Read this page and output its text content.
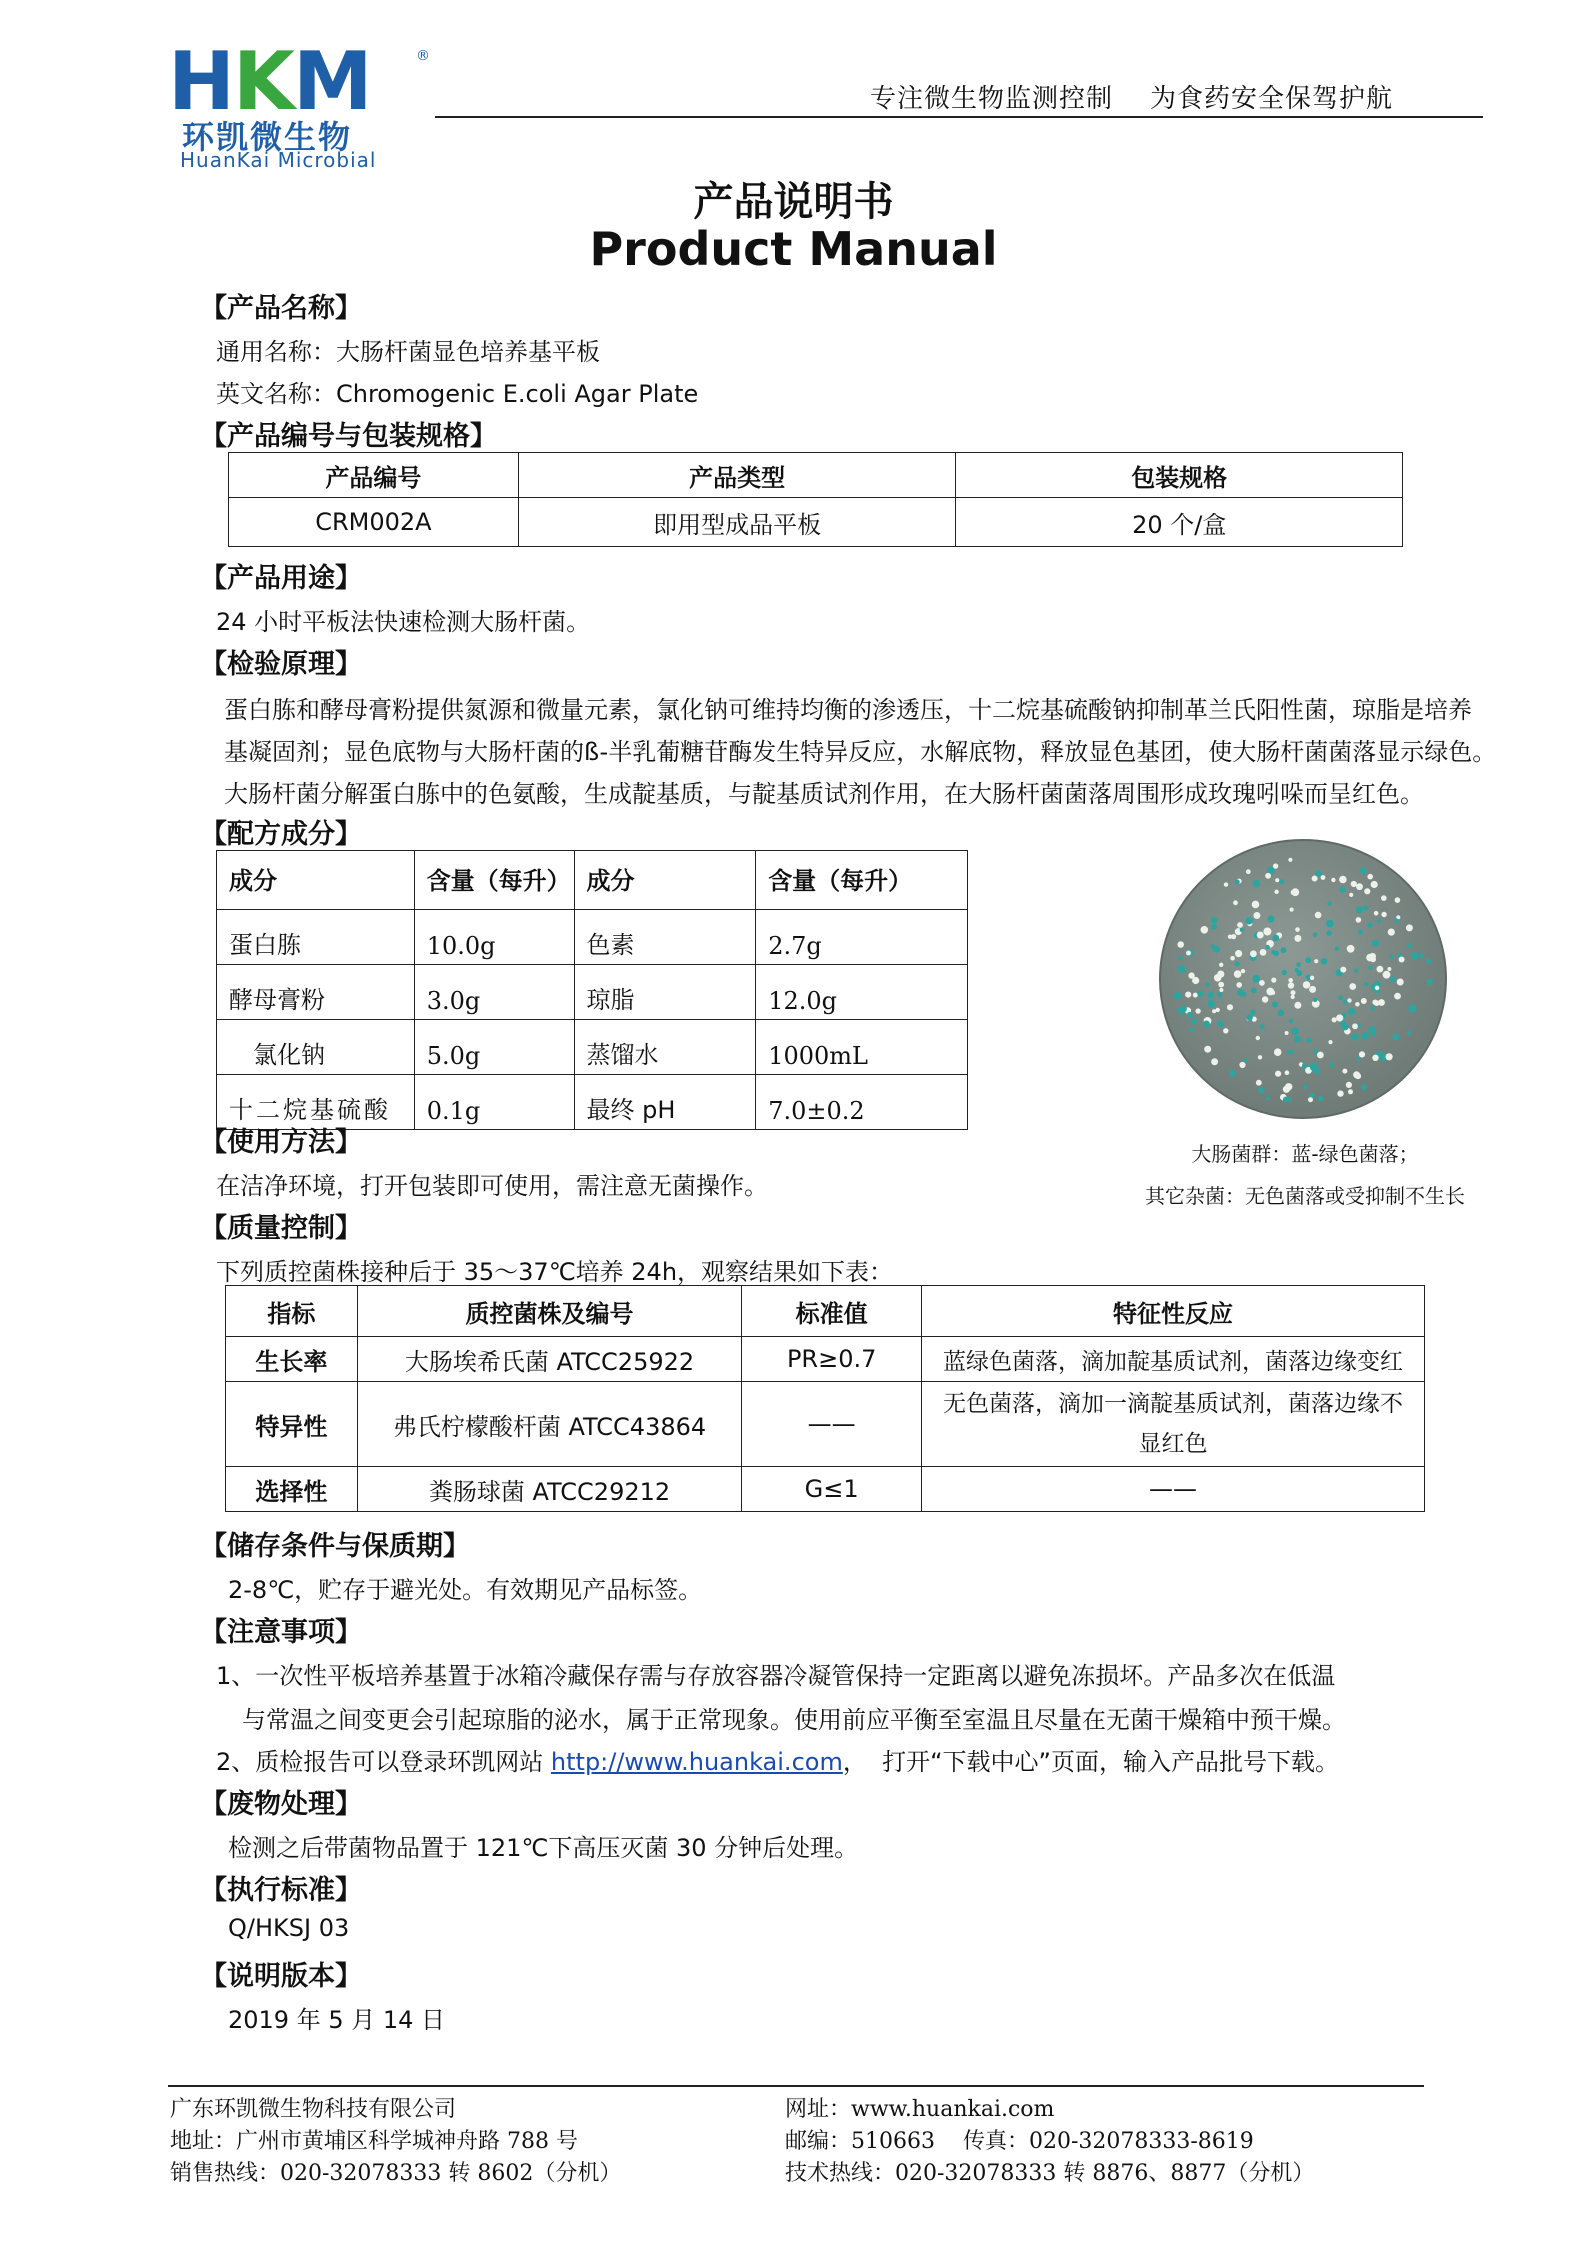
HKM	®
环凯微生物
HuanKai Microbial
专注微生物监测控制    为食药安全保驾护航
产品说明书
Product Manual
【产品名称】
通用名称：大肠杆菌显色培养基平板
英文名称：Chromogenic E.coli Agar Plate
【产品编号与包装规格】
产品编号	产品类型	包装规格
CRM002A	即用型成品平板	20 个/盒
【产品用途】
24 小时平板法快速检测大肠杆菌。
【检验原理】
蛋白胨和酵母膏粉提供氮源和微量元素，氯化钠可维持均衡的渗透压，十二烷基硫酸钠抑制革兰氏阳性菌，琼脂是培养
基凝固剂；显色底物与大肠杆菌的ß-半乳葡糖苷酶发生特异反应，水解底物，释放显色基团，使大肠杆菌菌落显示绿色。
大肠杆菌分解蛋白胨中的色氨酸，生成靛基质，与靛基质试剂作用，在大肠杆菌菌落周围形成玫瑰吲哚而呈红色。
【配方成分】
成分	含量（每升）	成分	含量（每升）
蛋白胨	10.0g	色素	2.7g
酵母膏粉	3.0g	琼脂	12.0g
氯化钠	5.0g	蒸馏水	1000mL
十二烷基硫酸	0.1g	最终 pH	7.0±0.2
大肠菌群：蓝-绿色菌落；
其它杂菌：无色菌落或受抑制不生长
【使用方法】
在洁净环境，打开包装即可使用，需注意无菌操作。
【质量控制】
下列质控菌株接种后于 35～37℃培养 24h，观察结果如下表：
指标	质控菌株及编号	标准值	特征性反应
生长率	大肠埃希氏菌 ATCC25922	PR≥0.7	蓝绿色菌落，滴加靛基质试剂，菌落边缘变红
特异性	弗氏柠檬酸杆菌 ATCC43864	——	无色菌落，滴加一滴靛基质试剂，菌落边缘不显红色
选择性	粪肠球菌 ATCC29212	G≤1	——
【储存条件与保质期】
2-8℃，贮存于避光处。有效期见产品标签。
【注意事项】
1、一次性平板培养基置于冰箱冷藏保存需与存放容器冷凝管保持一定距离以避免冻损坏。产品多次在低温
与常温之间变更会引起琼脂的泌水，属于正常现象。使用前应平衡至室温且尽量在无菌干燥箱中预干燥。
2、质检报告可以登录环凯网站 http://www.huankai.com，  打开“下载中心”页面，输入产品批号下载。
【废物处理】
检测之后带菌物品置于 121℃下高压灭菌 30 分钟后处理。
【执行标准】
Q/HKSJ 03
【说明版本】
2019 年 5 月 14 日
广东环凯微生物科技有限公司
地址：广州市黄埔区科学城神舟路 788 号
销售热线：020-32078333 转 8602（分机）
网址：www.huankai.com
邮编：510663    传真：020-32078333-8619
技术热线：020-32078333 转 8876、8877（分机）
